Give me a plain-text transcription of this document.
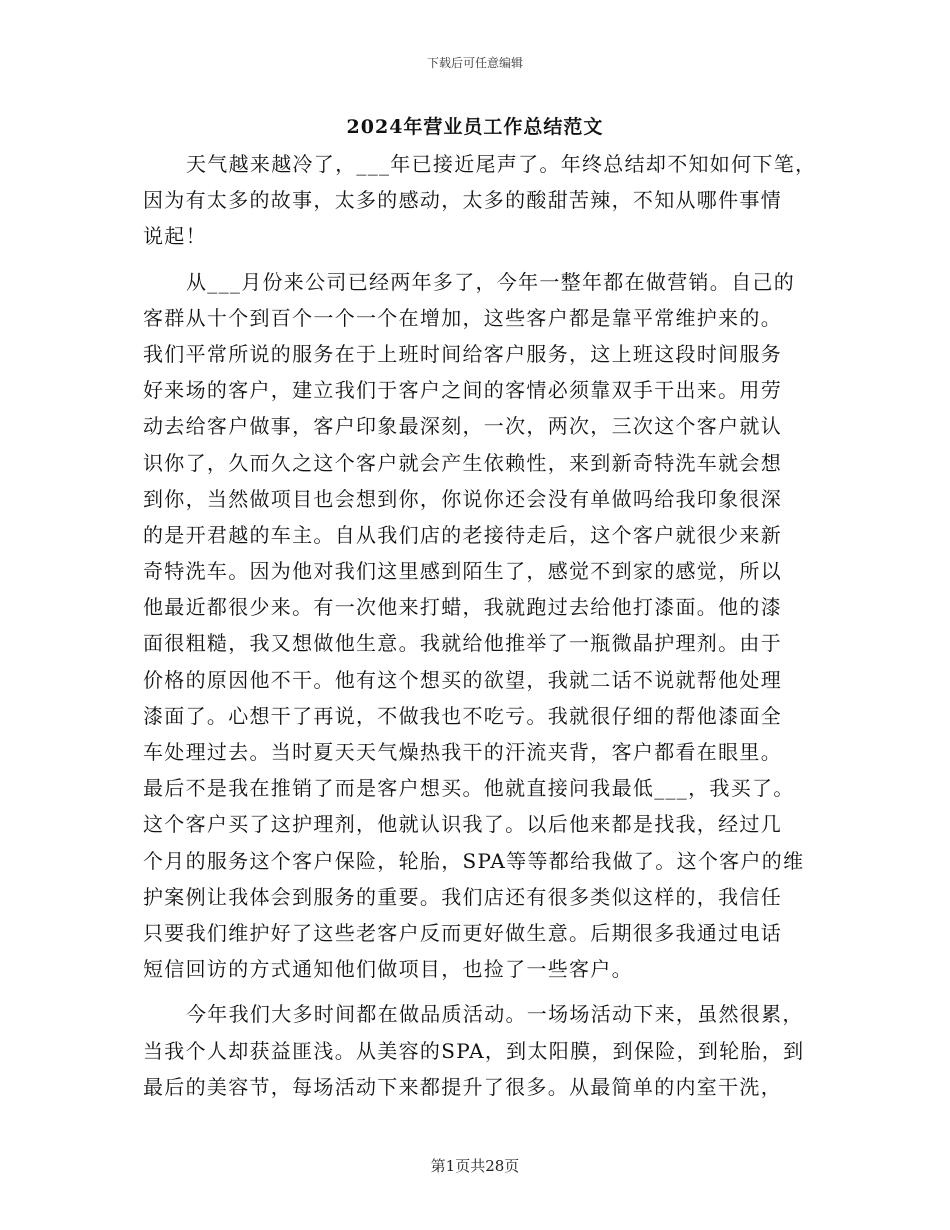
下载后可任意编辑
2024年营业员工作总结范文
天气越来越冷了，___年已接近尾声了。年终总结却不知如何下笔，
因为有太多的故事，太多的感动，太多的酸甜苦辣，不知从哪件事情
说起！
从___月份来公司已经两年多了，今年一整年都在做营销。自己的
客群从十个到百个一个一个在增加，这些客户都是靠平常维护来的。
我们平常所说的服务在于上班时间给客户服务，这上班这段时间服务
好来场的客户，建立我们于客户之间的客情必须靠双手干出来。用劳
动去给客户做事，客户印象最深刻，一次，两次，三次这个客户就认
识你了，久而久之这个客户就会产生依赖性，来到新奇特洗车就会想
到你，当然做项目也会想到你，你说你还会没有单做吗给我印象很深
的是开君越的车主。自从我们店的老接待走后，这个客户就很少来新
奇特洗车。因为他对我们这里感到陌生了，感觉不到家的感觉，所以
他最近都很少来。有一次他来打蜡，我就跑过去给他打漆面。他的漆
面很粗糙，我又想做他生意。我就给他推举了一瓶微晶护理剂。由于
价格的原因他不干。他有这个想买的欲望，我就二话不说就帮他处理
漆面了。心想干了再说，不做我也不吃亏。我就很仔细的帮他漆面全
车处理过去。当时夏天天气燥热我干的汗流夹背，客户都看在眼里。
最后不是我在推销了而是客户想买。他就直接问我最低___，我买了。
这个客户买了这护理剂，他就认识我了。以后他来都是找我，经过几
个月的服务这个客户保险，轮胎，SPA等等都给我做了。这个客户的维
护案例让我体会到服务的重要。我们店还有很多类似这样的，我信任
只要我们维护好了这些老客户反而更好做生意。后期很多我通过电话
短信回访的方式通知他们做项目，也捡了一些客户。
今年我们大多时间都在做品质活动。一场场活动下来，虽然很累，
当我个人却获益匪浅。从美容的SPA，到太阳膜，到保险，到轮胎，到
最后的美容节，每场活动下来都提升了很多。从最简单的内室干洗，
第1页共28页
